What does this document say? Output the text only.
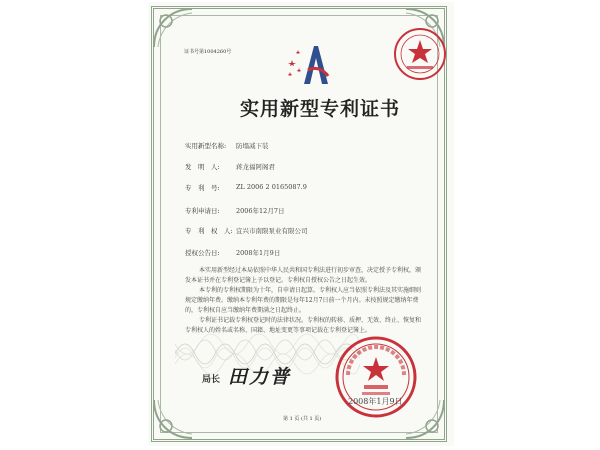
证书号第1004260号
实用新型专利证书
实用新型名称: 防塌减下装
发　明　人:	蒋龙福阿阁君
专　利　号:	ZL 2006 2 0165087.9
专利申请日:	2006年12月7日
专　利　权　人: 宜兴市南限泵业有限公司
授权公告日:	2008年1月9日
本实用新型经过本局依照中华人民共和国专利法进行初步审查，决定授予专利权，颁发本证书并在专利登记簿上予以登记。专利权自授权公告之日起生效。
本专利的专利权期限为十年，自申请日起算。专利权人应当依照专利法及其实施细则规定缴纳年费。缴纳本专利年费的期限是每年12月7日前一个月内。未按照规定缴纳年费的，专利权自应当缴纳年费期满之日起终止。
专利证书记载专利权登记时的法律状况。专利权的转移、质押、无效、终止、恢复和专利权人的姓名或名称、国籍、地址变更等事项记载在专利登记簿上。
局长 田力普
2008年1月9日
第 1 页 (共 1 页)
